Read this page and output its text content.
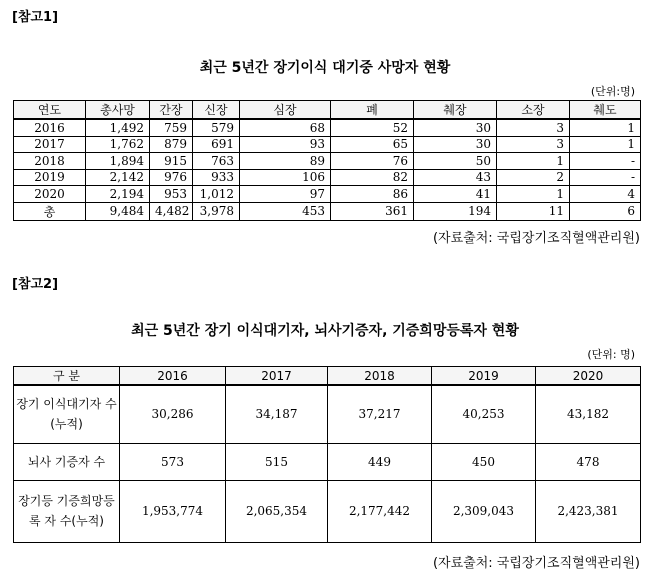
[참고1]
최근 5년간 장기이식 대기중 사망자 현황
(단위:명)
연도	총사망	간장	신장	심장	폐	췌장	소장	췌도
2016	1,492	759	579	68	52	30	3	1
2017	1,762	879	691	93	65	30	3	1
2018	1,894	915	763	89	76	50	1	-
2019	2,142	976	933	106	82	43	2	-
2020	2,194	953	1,012	97	86	41	1	4
총	9,484	4,482	3,978	453	361	194	11	6
(자료출처: 국립장기조직혈액관리원)
[참고2]
최근 5년간 장기 이식대기자, 뇌사기증자, 기증희망등록자 현황
(단위: 명)
구 분	2016	2017	2018	2019	2020
장기 이식대기자 수 (누적)	30,286	34,187	37,217	40,253	43,182
뇌사 기증자 수	573	515	449	450	478
장기등 기증희망등록 자 수(누적)	1,953,774	2,065,354	2,177,442	2,309,043	2,423,381
(자료출처: 국립장기조직혈액관리원)
